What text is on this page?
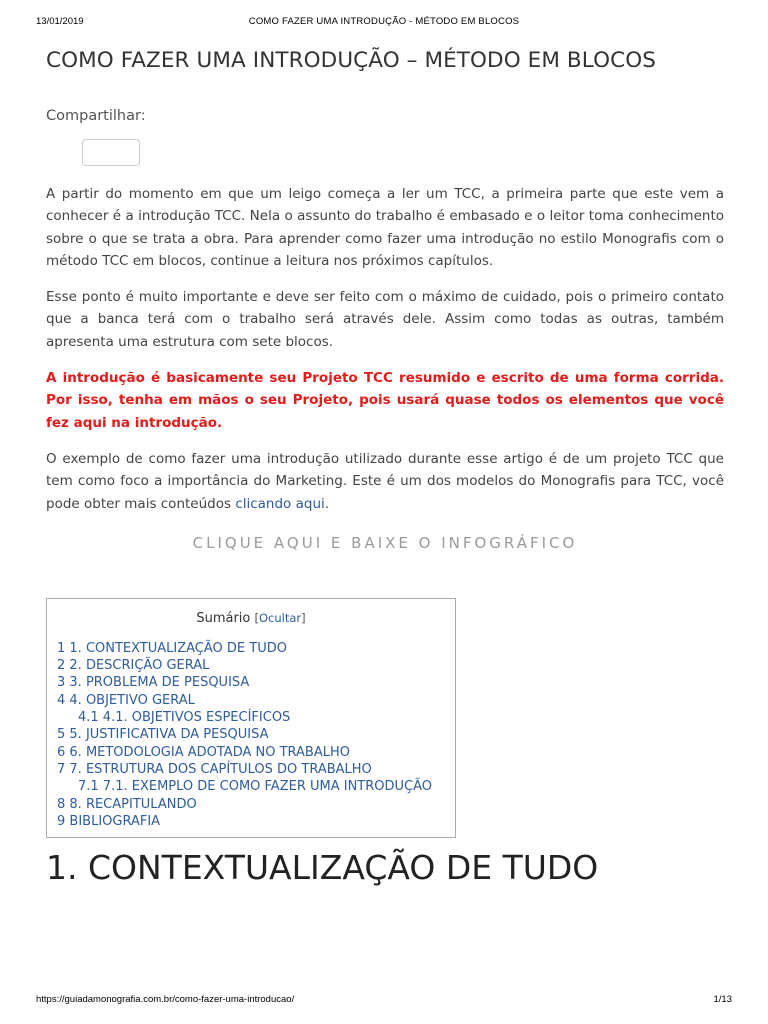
13/01/2019	COMO FAZER UMA INTRODUÇÃO - MÉTODO EM BLOCOS
COMO FAZER UMA INTRODUÇÃO – MÉTODO EM BLOCOS
Compartilhar:

A partir do momento em que um leigo começa a ler um TCC, a primeira parte que este vem a conhecer é a introdução TCC. Nela o assunto do trabalho é embasado e o leitor toma conhecimento sobre o que se trata a obra. Para aprender como fazer uma introdução no estilo Monografis com o método TCC em blocos, continue a leitura nos próximos capítulos.

Esse ponto é muito importante e deve ser feito com o máximo de cuidado, pois o primeiro contato que a banca terá com o trabalho será através dele. Assim como todas as outras, também apresenta uma estrutura com sete blocos.

A introdução é basicamente seu Projeto TCC resumido e escrito de uma forma corrida. Por isso, tenha em mãos o seu Projeto, pois usará quase todos os elementos que você fez aqui na introdução.

O exemplo de como fazer uma introdução utilizado durante esse artigo é de um projeto TCC que tem como foco a importância do Marketing. Este é um dos modelos do Monografis para TCC, você pode obter mais conteúdos clicando aqui.

CLIQUE AQUI E BAIXE O INFOGRÁFICO
Sumário [Ocultar]
1 1. CONTEXTUALIZAÇÃO DE TUDO
2 2. DESCRIÇÃO GERAL
3 3. PROBLEMA DE PESQUISA
4 4. OBJETIVO GERAL
4.1 4.1. OBJETIVOS ESPECÍFICOS
5 5. JUSTIFICATIVA DA PESQUISA
6 6. METODOLOGIA ADOTADA NO TRABALHO
7 7. ESTRUTURA DOS CAPÍTULOS DO TRABALHO
7.1 7.1. EXEMPLO DE COMO FAZER UMA INTRODUÇÃO
8 8. RECAPITULANDO
9 BIBLIOGRAFIA
1. CONTEXTUALIZAÇÃO DE TUDO
https://guiadamonografia.com.br/como-fazer-uma-introducao/	1/13
